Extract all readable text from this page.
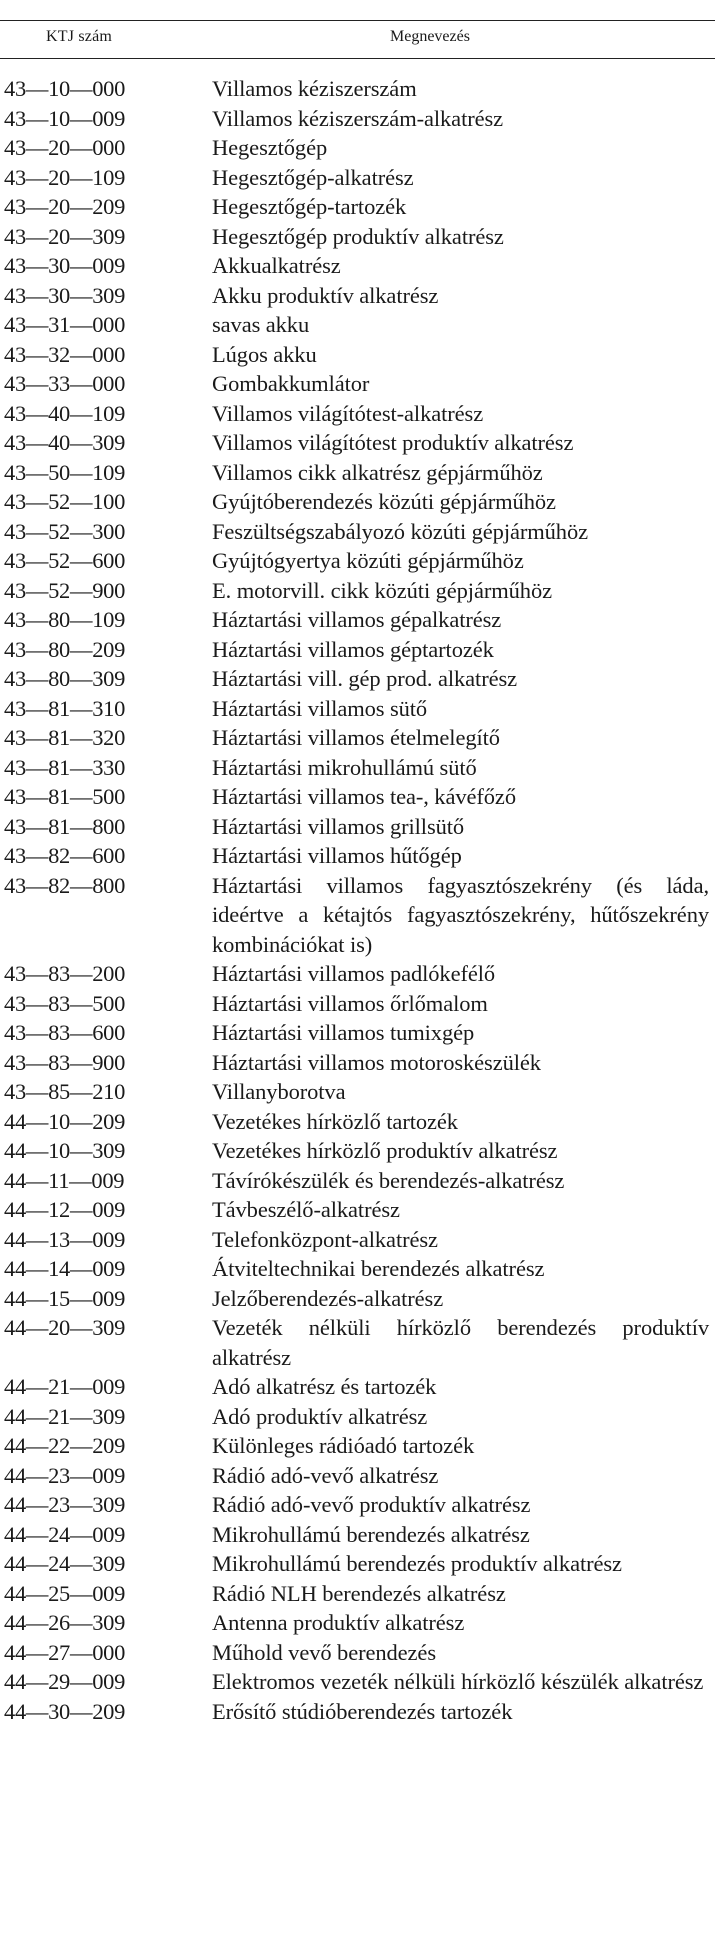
KTJ szám	Megnevezés
43—10—000	Villamos kéziszerszám
43—10—009	Villamos kéziszerszám-alkatrész
43—20—000	Hegesztőgép
43—20—109	Hegesztőgép-alkatrész
43—20—209	Hegesztőgép-tartozék
43—20—309	Hegesztőgép produktív alkatrész
43—30—009	Akkualkatrész
43—30—309	Akku produktív alkatrész
43—31—000	savas akku
43—32—000	Lúgos akku
43—33—000	Gombakkumlátor
43—40—109	Villamos világítótest-alkatrész
43—40—309	Villamos világítótest produktív alkatrész
43—50—109	Villamos cikk alkatrész gépjárműhöz
43—52—100	Gyújtóberendezés közúti gépjárműhöz
43—52—300	Feszültségszabályozó közúti gépjárműhöz
43—52—600	Gyújtógyertya közúti gépjárműhöz
43—52—900	E. motorvill. cikk közúti gépjárműhöz
43—80—109	Háztartási villamos gépalkatrész
43—80—209	Háztartási villamos géptartozék
43—80—309	Háztartási vill. gép prod. alkatrész
43—81—310	Háztartási villamos sütő
43—81—320	Háztartási villamos ételmelegítő
43—81—330	Háztartási mikrohullámú sütő
43—81—500	Háztartási villamos tea-, kávéfőző
43—81—800	Háztartási villamos grillsütő
43—82—600	Háztartási villamos hűtőgép
43—82—800	Háztartási villamos fagyasztószekrény (és láda, ideértve a kétajtós fagyasztószekrény, hűtőszekrény kombinációkat is)
43—83—200	Háztartási villamos padlókefélő
43—83—500	Háztartási villamos őrlőmalom
43—83—600	Háztartási villamos tumixgép
43—83—900	Háztartási villamos motoroskészülék
43—85—210	Villanyborotva
44—10—209	Vezetékes hírközlő tartozék
44—10—309	Vezetékes hírközlő produktív alkatrész
44—11—009	Távírókészülék és berendezés-alkatrész
44—12—009	Távbeszélő-alkatrész
44—13—009	Telefonközpont-alkatrész
44—14—009	Átviteltechnikai berendezés alkatrész
44—15—009	Jelzőberendezés-alkatrész
44—20—309	Vezeték nélküli hírközlő berendezés produktív alkatrész
44—21—009	Adó alkatrész és tartozék
44—21—309	Adó produktív alkatrész
44—22—209	Különleges rádióadó tartozék
44—23—009	Rádió adó-vevő alkatrész
44—23—309	Rádió adó-vevő produktív alkatrész
44—24—009	Mikrohullámú berendezés alkatrész
44—24—309	Mikrohullámú berendezés produktív alkatrész
44—25—009	Rádió NLH berendezés alkatrész
44—26—309	Antenna produktív alkatrész
44—27—000	Műhold vevő berendezés
44—29—009	Elektromos vezeték nélküli hírközlő készülék alkatrész
44—30—209	Erősítő stúdióberendezés tartozék
